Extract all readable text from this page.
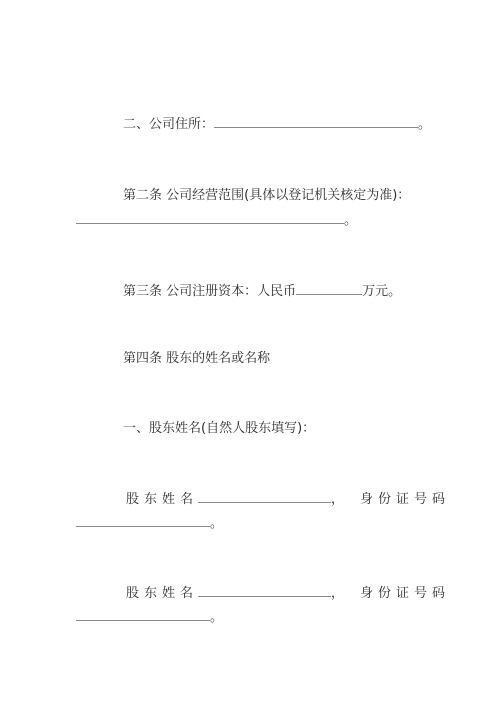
二、公司住所：	。
第二条 公司经营范围(具体以登记机关核定为准)：
。
第三条 公司注册资本：人民币	万元。
第四条 股东的姓名或名称
一、股东姓名(自然人股东填写)：
股东姓名	， 身份证号码
。
股东姓名	， 身份证号码
。
